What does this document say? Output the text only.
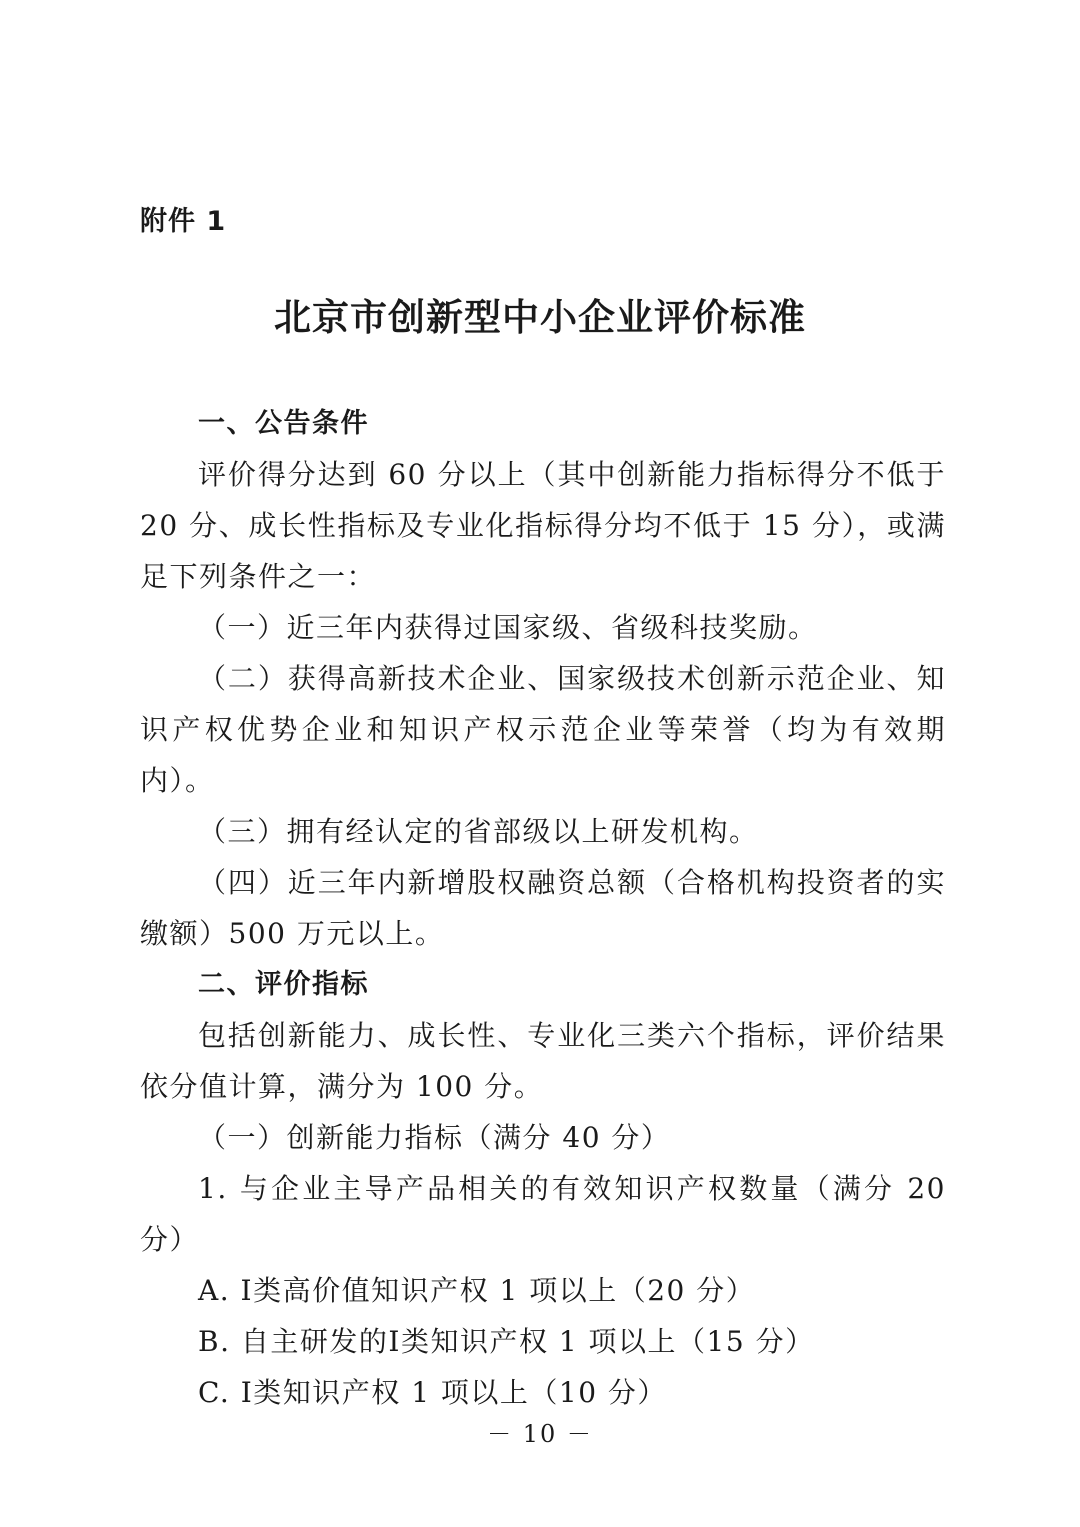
附件 1
北京市创新型中小企业评价标准

一、公告条件

评价得分达到 60 分以上（其中创新能力指标得分不低于 20 分、成长性指标及专业化指标得分均不低于 15 分），或满足下列条件之一：

（一）近三年内获得过国家级、省级科技奖励。

（二）获得高新技术企业、国家级技术创新示范企业、知识产权优势企业和知识产权示范企业等荣誉（均为有效期内）。

（三）拥有经认定的省部级以上研发机构。

（四）近三年内新增股权融资总额（合格机构投资者的实缴额）500 万元以上。

二、评价指标

包括创新能力、成长性、专业化三类六个指标，评价结果依分值计算，满分为 100 分。

（一）创新能力指标（满分 40 分）

1. 与企业主导产品相关的有效知识产权数量（满分 20 分）

A. Ⅰ类高价值知识产权 1 项以上（20 分）

B. 自主研发的Ⅰ类知识产权 1 项以上（15 分）

C. Ⅰ类知识产权 1 项以上（10 分）

－ 10 －
